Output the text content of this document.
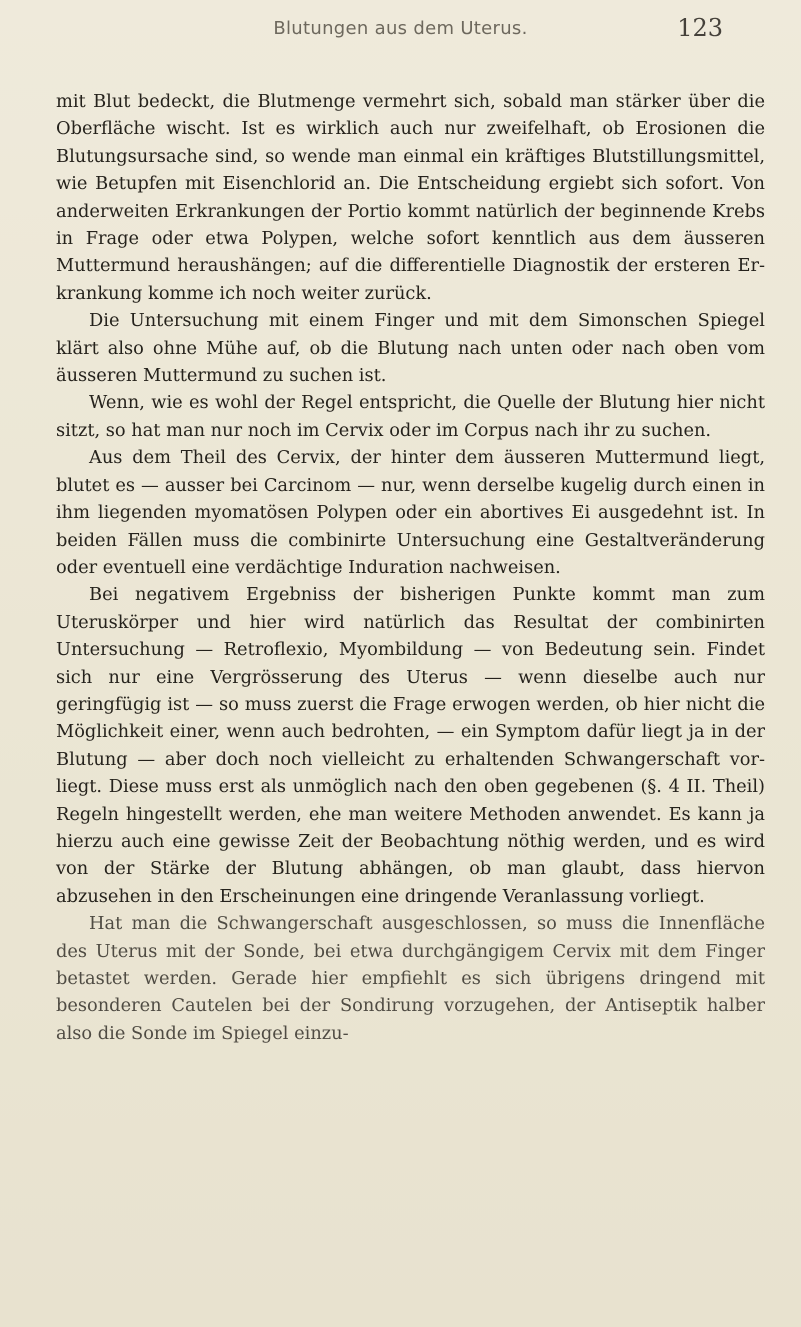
Blutungen aus dem Uterus.	123

mit Blut bedeckt, die Blutmenge vermehrt sich, sobald man stärker über die Oberfläche wischt. Ist es wirklich auch nur zweifelhaft, ob Erosionen die Blutungsursache sind, so wende man einmal ein kräftiges Blutstillungsmittel, wie Betupfen mit Eisenchlorid an. Die Entscheidung ergiebt sich sofort. Von anderweiten Erkrankungen der Portio kommt natürlich der beginnende Krebs in Frage oder etwa Polypen, welche sofort kenntlich aus dem äusseren Muttermund heraushängen; auf die differentielle Diagnostik der ersteren Erkrankung komme ich noch weiter zurück.

Die Untersuchung mit einem Finger und mit dem Simonschen Spiegel klärt also ohne Mühe auf, ob die Blutung nach unten oder nach oben vom äusseren Muttermund zu suchen ist.

Wenn, wie es wohl der Regel entspricht, die Quelle der Blutung hier nicht sitzt, so hat man nur noch im Cervix oder im Corpus nach ihr zu suchen.

Aus dem Theil des Cervix, der hinter dem äusseren Muttermund liegt, blutet es — ausser bei Carcinom — nur, wenn derselbe kugelig durch einen in ihm liegenden myomatösen Polypen oder ein abortives Ei ausgedehnt ist. In beiden Fällen muss die combinirte Untersuchung eine Gestaltveränderung oder eventuell eine verdächtige Induration nachweisen.

Bei negativem Ergebniss der bisherigen Punkte kommt man zum Uteruskörper und hier wird natürlich das Resultat der combinirten Untersuchung — Retroflexio, Myombildung — von Bedeutung sein. Findet sich nur eine Vergrösserung des Uterus — wenn dieselbe auch nur geringfügig ist — so muss zuerst die Frage erwogen werden, ob hier nicht die Möglichkeit einer, wenn auch bedrohten, — ein Symptom dafür liegt ja in der Blutung — aber doch noch vielleicht zu erhaltenden Schwangerschaft vorliegt. Diese muss erst als unmöglich nach den oben gegebenen (§. 4 II. Theil) Regeln hingestellt werden, ehe man weitere Methoden anwendet. Es kann ja hierzu auch eine gewisse Zeit der Beobachtung nöthig werden, und es wird von der Stärke der Blutung abhängen, ob man glaubt, dass hiervon abzusehen in den Erscheinungen eine dringende Veranlassung vorliegt.

Hat man die Schwangerschaft ausgeschlossen, so muss die Innenfläche des Uterus mit der Sonde, bei etwa durchgängigem Cervix mit dem Finger betastet werden. Gerade hier empfiehlt es sich übrigens dringend mit besonderen Cautelen bei der Sondirung vorzugehen, der Antiseptik halber also die Sonde im Spiegel einzu-
